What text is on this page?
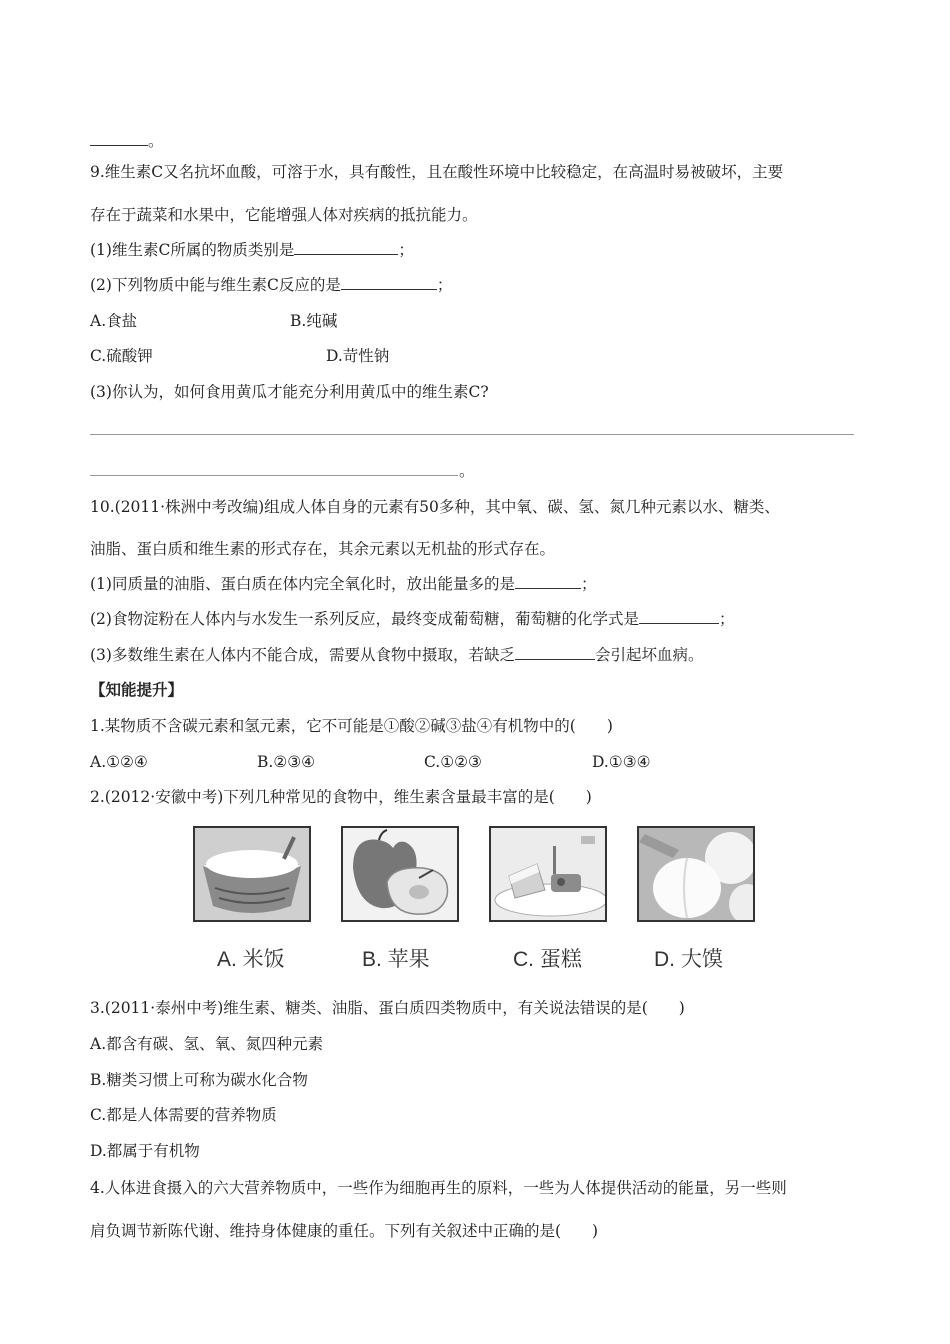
。
9.维生素C又名抗坏血酸，可溶于水，具有酸性，且在酸性环境中比较稳定，在高温时易被破坏，主要
存在于蔬菜和水果中，它能增强人体对疾病的抵抗能力。
(1)维生素C所属的物质类别是	；
(2)下列物质中能与维生素C反应的是	；
A.食盐	B.纯碱
C.硫酸钾	D.苛性钠
(3)你认为，如何食用黄瓜才能充分利用黄瓜中的维生素C?
。
10.(2011·株洲中考改编)组成人体自身的元素有50多种，其中氧、碳、氢、氮几种元素以水、糖类、
油脂、蛋白质和维生素的形式存在，其余元素以无机盐的形式存在。
(1)同质量的油脂、蛋白质在体内完全氧化时，放出能量多的是	；
(2)食物淀粉在人体内与水发生一系列反应，最终变成葡萄糖，葡萄糖的化学式是	；
(3)多数维生素在人体内不能合成，需要从食物中摄取，若缺乏	会引起坏血病。
【知能提升】
1.某物质不含碳元素和氢元素，它不可能是①酸②碱③盐④有机物中的(　　)
A.①②④	B.②③④	C.①②③	D.①③④
2.(2012·安徽中考)下列几种常见的食物中，维生素含量最丰富的是(　　)
A. 米饭	B. 苹果	C. 蛋糕	D. 大馍
3.(2011·泰州中考)维生素、糖类、油脂、蛋白质四类物质中，有关说法错误的是(　　)
A.都含有碳、氢、氧、氮四种元素
B.糖类习惯上可称为碳水化合物
C.都是人体需要的营养物质
D.都属于有机物
4.人体进食摄入的六大营养物质中，一些作为细胞再生的原料，一些为人体提供活动的能量，另一些则
肩负调节新陈代谢、维持身体健康的重任。下列有关叙述中正确的是(　　)
